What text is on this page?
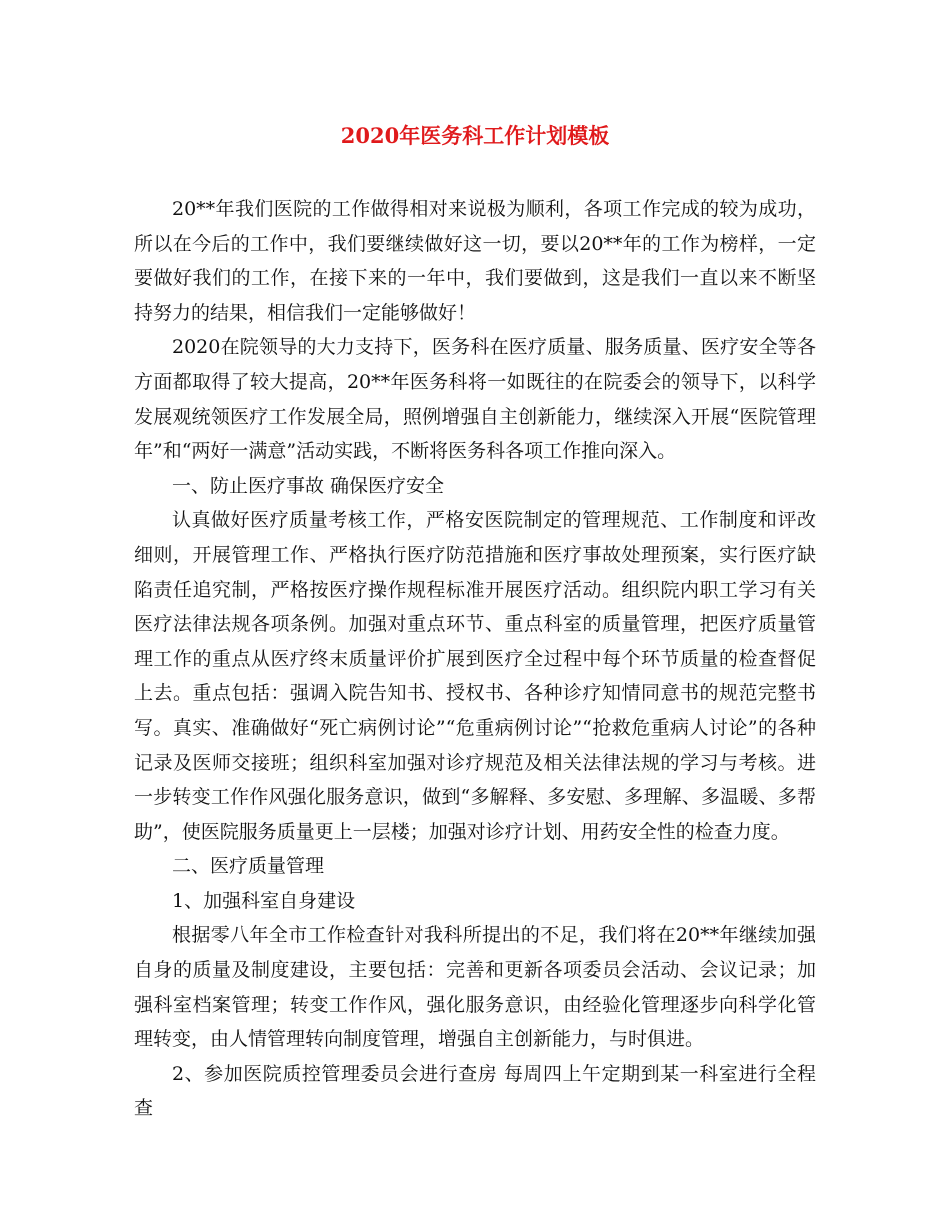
2020年医务科工作计划模板

20**年我们医院的工作做得相对来说极为顺利，各项工作完成的较为成功，所以在今后的工作中，我们要继续做好这一切，要以20**年的工作为榜样，一定要做好我们的工作，在接下来的一年中，我们要做到，这是我们一直以来不断坚持努力的结果，相信我们一定能够做好！

2020在院领导的大力支持下，医务科在医疗质量、服务质量、医疗安全等各方面都取得了较大提高，20**年医务科将一如既往的在院委会的领导下，以科学发展观统领医疗工作发展全局，照例增强自主创新能力，继续深入开展“医院管理年”和“两好一满意”活动实践，不断将医务科各项工作推向深入。

一、防止医疗事故 确保医疗安全

认真做好医疗质量考核工作，严格安医院制定的管理规范、工作制度和评改细则，开展管理工作、严格执行医疗防范措施和医疗事故处理预案，实行医疗缺陷责任追究制，严格按医疗操作规程标准开展医疗活动。组织院内职工学习有关医疗法律法规各项条例。加强对重点环节、重点科室的质量管理，把医疗质量管理工作的重点从医疗终末质量评价扩展到医疗全过程中每个环节质量的检查督促上去。重点包括：强调入院告知书、授权书、各种诊疗知情同意书的规范完整书写。真实、准确做好“死亡病例讨论”“危重病例讨论”“抢救危重病人讨论”的各种记录及医师交接班；组织科室加强对诊疗规范及相关法律法规的学习与考核。进一步转变工作作风强化服务意识，做到“多解释、多安慰、多理解、多温暖、多帮助”，使医院服务质量更上一层楼；加强对诊疗计划、用药安全性的检查力度。

二、医疗质量管理

1、加强科室自身建设

根据零八年全市工作检查针对我科所提出的不足，我们将在20**年继续加强自身的质量及制度建设，主要包括：完善和更新各项委员会活动、会议记录；加强科室档案管理；转变工作作风，强化服务意识，由经验化管理逐步向科学化管理转变，由人情管理转向制度管理，增强自主创新能力，与时俱进。

2、参加医院质控管理委员会进行查房 每周四上午定期到某一科室进行全程查
